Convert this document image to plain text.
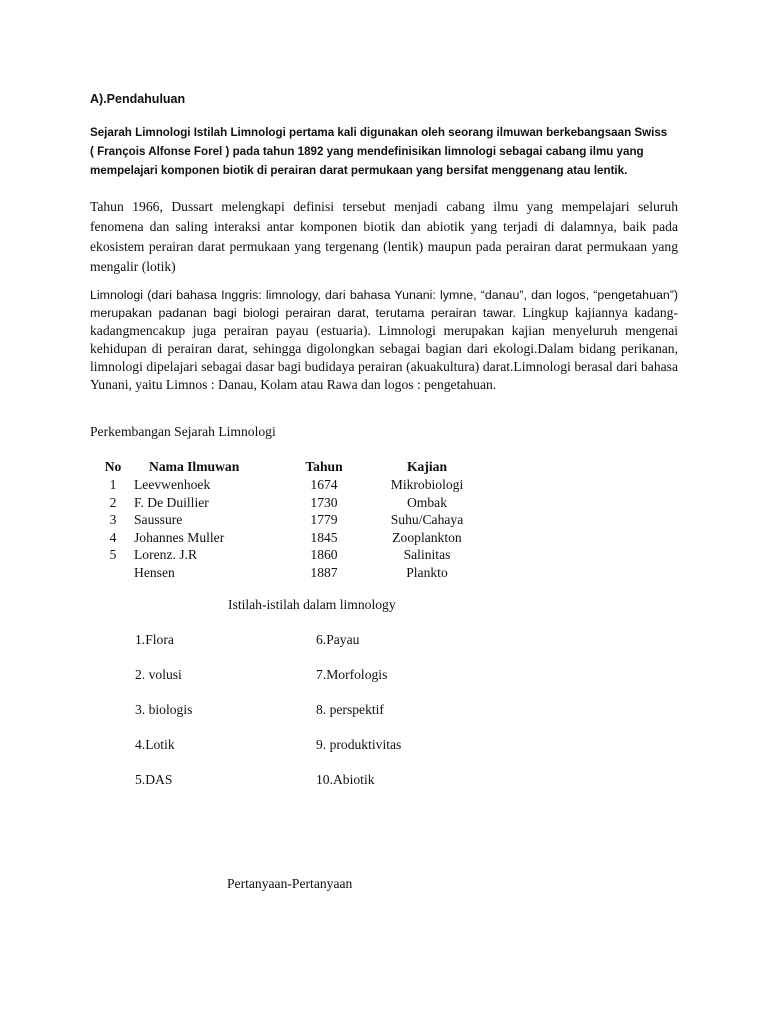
A).Pendahuluan
Sejarah Limnologi Istilah Limnologi pertama kali digunakan oleh seorang ilmuwan berkebangsaan Swiss
( François Alfonse Forel ) pada tahun 1892 yang mendefinisikan limnologi sebagai cabang ilmu yang
mempelajari komponen biotik di perairan darat permukaan yang bersifat menggenang atau lentik.
Tahun 1966, Dussart melengkapi definisi tersebut menjadi cabang ilmu yang mempelajari seluruh fenomena dan saling interaksi antar komponen biotik dan abiotik yang terjadi di dalamnya, baik pada ekosistem perairan darat permukaan yang tergenang (lentik) maupun pada perairan darat permukaan yang mengalir (lotik)
Limnologi (dari bahasa Inggris: limnology, dari bahasa Yunani: lymne, “danau”, dan logos, “pengetahuan”) merupakan padanan bagi biologi perairan darat, terutama perairan tawar. Lingkup kajiannya kadang-kadangmencakup juga perairan payau (estuaria). Limnologi merupakan kajian menyeluruh mengenai kehidupan di perairan darat, sehingga digolongkan sebagai bagian dari ekologi.Dalam bidang perikanan, limnologi dipelajari sebagai dasar bagi budidaya perairan (akuakultura) darat.Limnologi berasal dari bahasa Yunani, yaitu Limnos : Danau, Kolam atau Rawa dan logos : pengetahuan.
Perkembangan Sejarah Limnologi
No	Nama Ilmuwan	Tahun	Kajian
1	Leevwenhoek	1674	Mikrobiologi
2	F. De Duillier	1730	Ombak
3	Saussure	1779	Suhu/Cahaya
4	Johannes Muller	1845	Zooplankton
5	Lorenz. J.R	1860	Salinitas
	Hensen	1887	Plankto
Istilah-istilah dalam limnology
1.Flora
2. volusi
3. biologis
4.Lotik
5.DAS
6.Payau
7.Morfologis
8. perspektif
9. produktivitas
10.Abiotik
Pertanyaan-Pertanyaan
